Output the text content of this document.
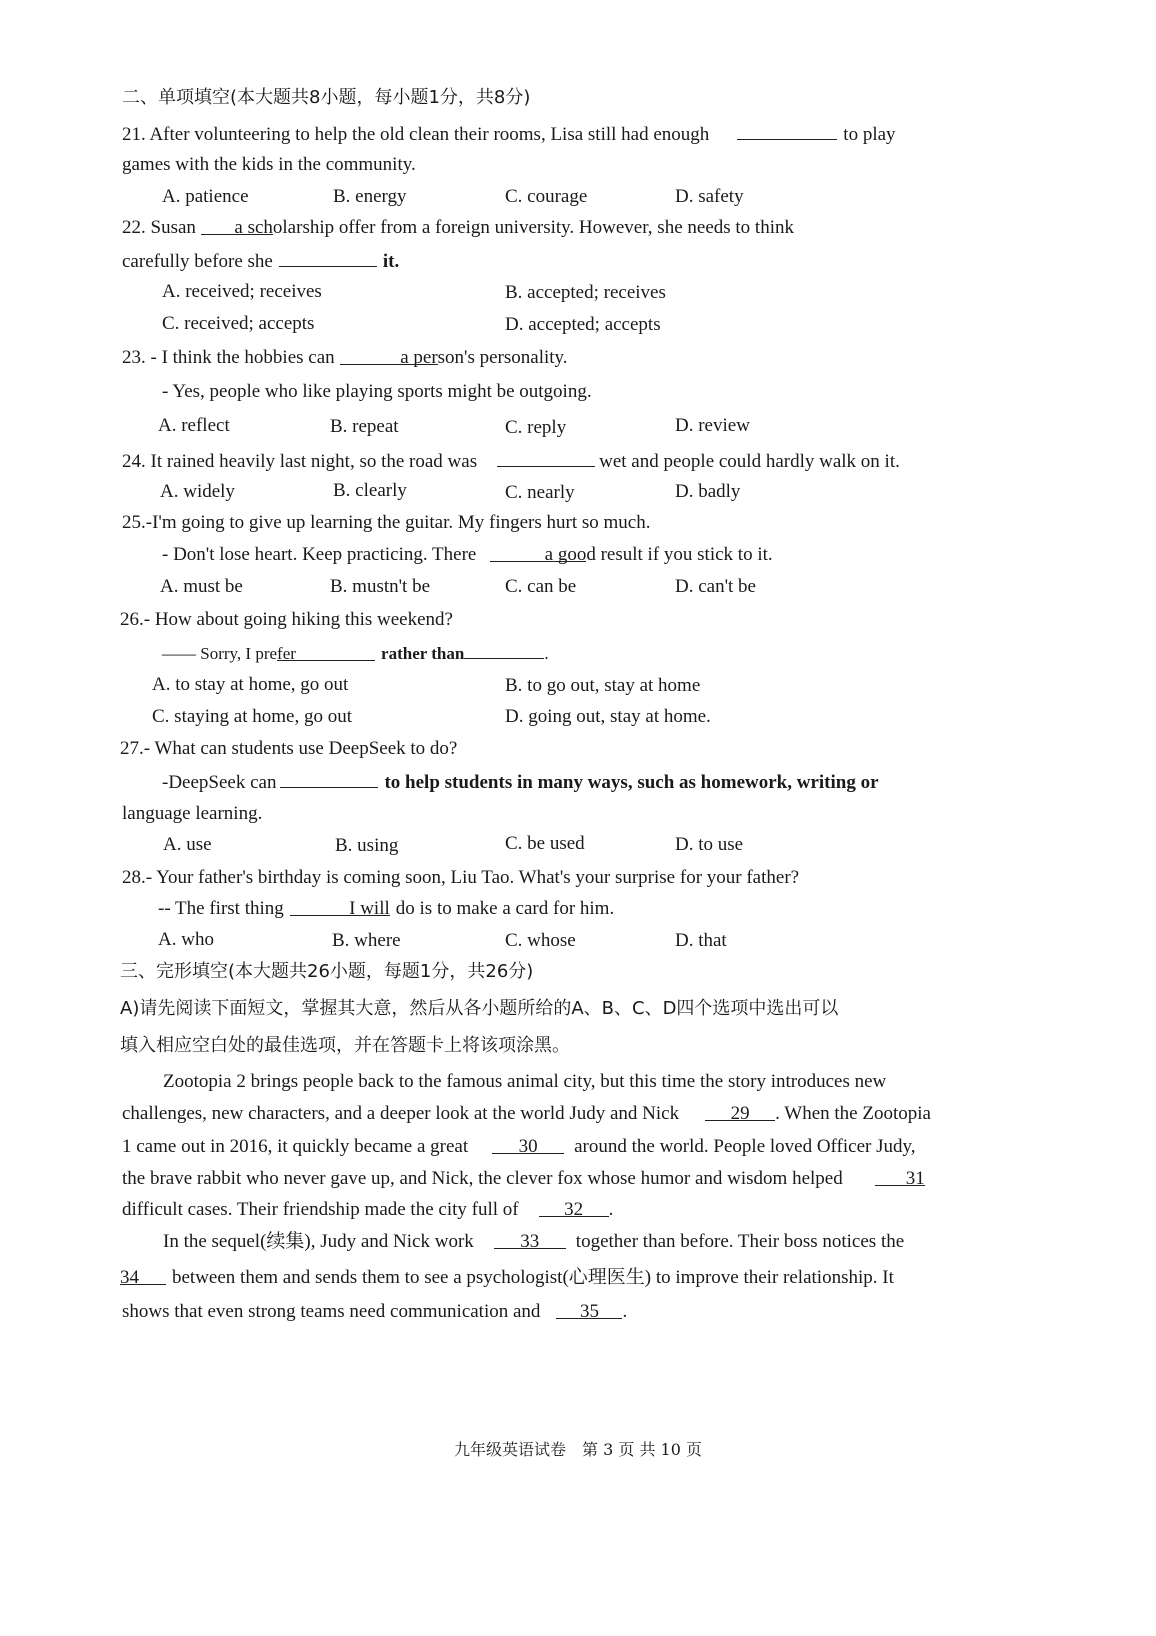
二、单项填空(本大题共8小题，每小题1分，共8分)
21. After volunteering to help the old clean their rooms, Lisa still had enough	to play
games with the kids in the community.
A. patience	B. energy	C. courage	D. safety
22. Susan a scholarship offer from a foreign university. However, she needs to think
carefully before she	it.
A. received; receives	B. accepted; receives
C. received; accepts	D. accepted; accepts
23. - I think the hobbies can	a person's personality.
- Yes, people who like playing sports might be outgoing.
A. reflect	B. repeat	C. reply	D. review
24. It rained heavily last night, so the road was	wet and people could hardly walk on it.
A. widely	B. clearly	C. nearly	D. badly
25.-I'm going to give up learning the guitar. My fingers hurt so much.
- Don't lose heart. Keep practicing. There	a good result if you stick to it.
A. must be	B. mustn't be	C. can be	D. can't be
26.- How about going hiking this weekend?
—— Sorry, I prefer	rather than	.
A. to stay at home, go out	B. to go out, stay at home
C. staying at home, go out	D. going out, stay at home.
27.- What can students use DeepSeek to do?
-DeepSeek can	to help students in many ways, such as homework, writing or
language learning.
A. use	B. using	C. be used	D. to use
28.- Your father's birthday is coming soon, Liu Tao. What's your surprise for your father?
-- The first thing	I will do is to make a card for him.
A. who	B. where	C. whose	D. that
三、完形填空(本大题共26小题，每题1分，共26分)
A)请先阅读下面短文，掌握其大意，然后从各小题所给的A、B、C、D四个选项中选出可以
填入相应空白处的最佳选项，并在答题卡上将该项涂黑。
Zootopia 2 brings people back to the famous animal city, but this time the story introduces new
challenges, new characters, and a deeper look at the world Judy and Nick	29 . When the Zootopia
1 came out in 2016, it quickly became a great	30 around the world. People loved Officer Judy,
the brave rabbit who never gave up, and Nick, the clever fox whose humor and wisdom helped	31
difficult cases. Their friendship made the city full of 32 .
In the sequel(续集), Judy and Nick work 33 together than before. Their boss notices the
34 between them and sends them to see a psychologist(心理医生) to improve their relationship. It
shows that even strong teams need communication and 35 .
九年级英语试卷　第 3 页 共 10 页
